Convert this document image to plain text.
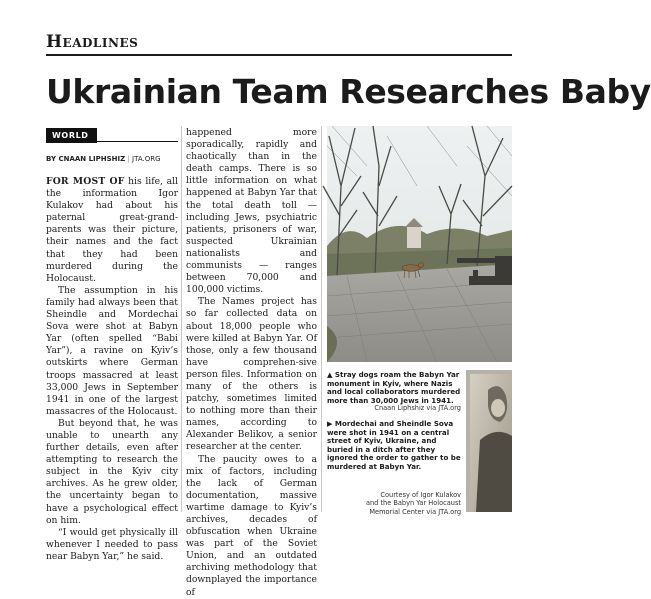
Headlines
Ukrainian Team Researches Baby
WORLD
BY CNAAN LIPHSHIZ | JTA.ORG

FOR MOST OF his life, all the information Igor Kulakov had about his paternal great-grand-parents was their picture, their names and the fact that they had been murdered during the Holocaust.

The assumption in his family had always been that Sheindle and Mordechai Sova were shot at Babyn Yar (often spelled “Babi Yar”), a ravine on Kyiv’s outskirts where German troops massacred at least 33,000 Jews in September 1941 in one of the largest massacres of the Holocaust.

But beyond that, he was unable to unearth any further details, even after attempting to research the subject in the Kyiv city archives. As he grew older, the uncertainty began to have a psychological effect on him.

“I would get physically ill whenever I needed to pass near Babyn Yar,” he said.

happened more sporadically, rapidly and chaotically than in the death camps. There is so little information on what happened at Babyn Yar that the total death toll — including Jews, psychiatric patients, prisoners of war, suspected Ukrainian nationalists and communists — ranges between 70,000 and 100,000 victims.

The Names project has so far collected data on about 18,000 people who were killed at Babyn Yar. Of those, only a few thousand have comprehen-sive person files. Information on many of the others is patchy, sometimes limited to nothing more than their names, according to Alexander Belikov, a senior researcher at the center.

The paucity owes to a mix of factors, including the lack of German documentation, massive wartime damage to Kyiv’s archives, decades of obfuscation when Ukraine was part of the Soviet Union, and an outdated archiving methodology that downplayed the importance of

▲ Stray dogs roam the Babyn Yar monument in Kyiv, where Nazis and local collaborators murdered more than 30,000 Jews in 1941.
Cnaan Liphshiz via JTA.org
▶ Mordechai and Sheindle Sova were shot in 1941 on a central street of Kyiv, Ukraine, and buried in a ditch after they ignored the order to gather to be murdered at Babyn Yar.
Courtesy of Igor Kulakov
and the Babyn Yar Holocaust
Memorial Center via JTA.org
